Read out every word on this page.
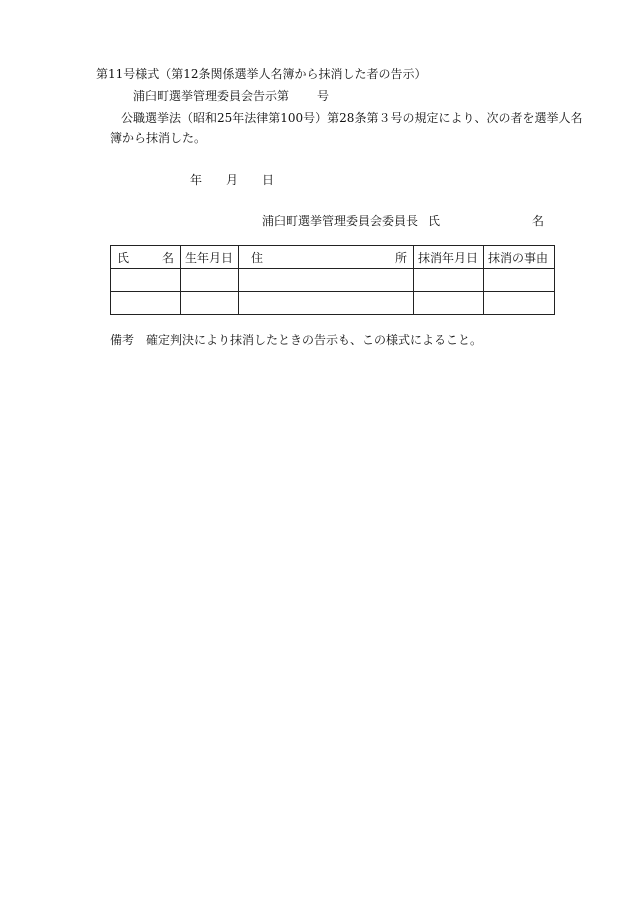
第11号様式（第12条関係選挙人名簿から抹消した者の告示）
浦臼町選挙管理委員会告示第 号
公職選挙法（昭和25年法律第100号）第28条第３号の規定により、次の者を選挙人名
簿から抹消した。
年 月 日
浦臼町選挙管理委員会委員長 氏	名
氏 名	生年月日	住 所	抹消年月日	抹消の事由

備考 確定判決により抹消したときの告示も、この様式によること。
